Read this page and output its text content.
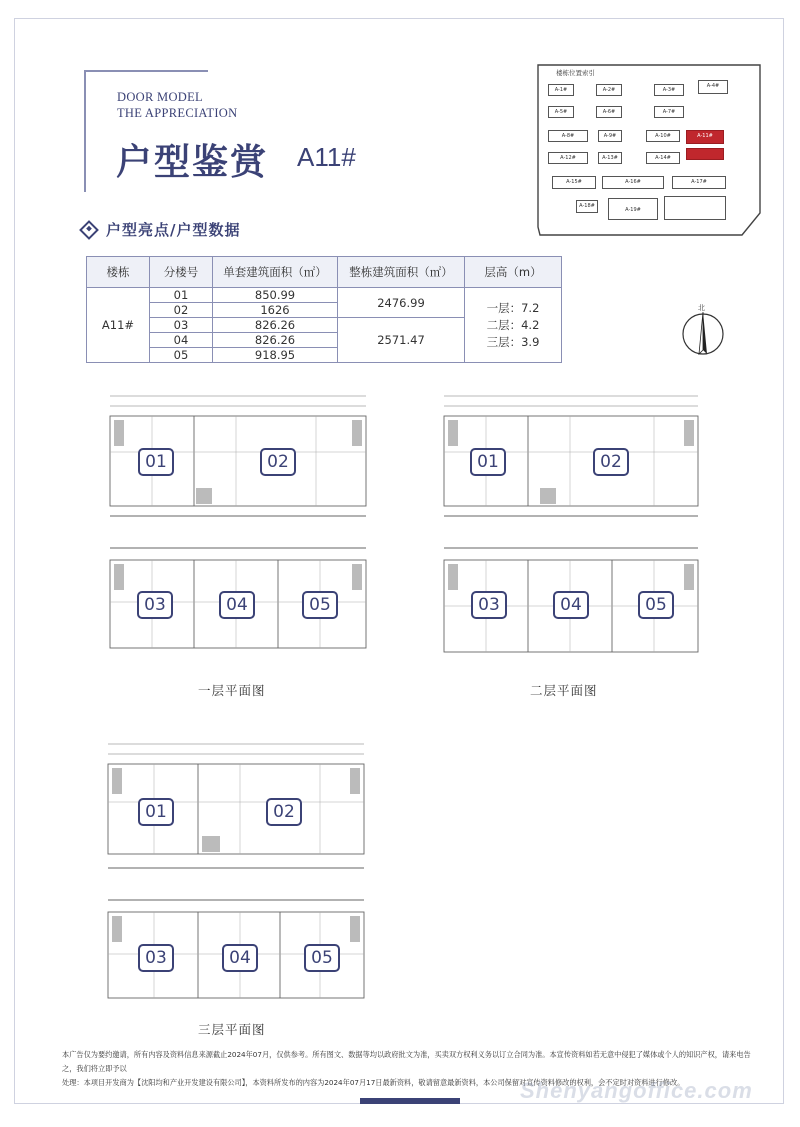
DOOR MODEL
THE APPRECIATION
户型鉴赏 A11#
户型亮点/户型数据
楼栋	分楼号	单套建筑面积（㎡）	整栋建筑面积（㎡）	层高（m）
A11#	01	850.99	2476.99	一层：7.2
二层：4.2
三层：3.9

	02	1626		
	03	826.26	2571.47	
	04	826.26		
	05	918.95		
楼栋位置索引
A-1#	A-2#	A-3#
A-4#
A-5#	A-6#	A-7#
A-8#	A-9#	A-10#	A-11#
A-12#	A-13#	A-14#
A-15#	A-16#	A-17#
A-18#
A-19#
北
01	02
03	04	05
一层平面图
01	02
03	04	05
二层平面图
01	02
03	04	05
三层平面图
本广告仅为要约邀请，所有内容及资料信息来源截止2024年07月，仅供参考。所有图文、数据等均以政府批文为准，买卖双方权利义务以订立合同为准。本宣传资料如若无意中侵犯了媒体或个人的知识产权，请来电告之，我们将立即予以
处理：本项目开发商为【沈阳均和产业开发建设有限公司】，本资料所发布的内容为2024年07月17日最新资料，敬请留意最新资料，本公司保留对宣传资料修改的权利，会不定时对资料进行修改。
Shenyangoffice.com
